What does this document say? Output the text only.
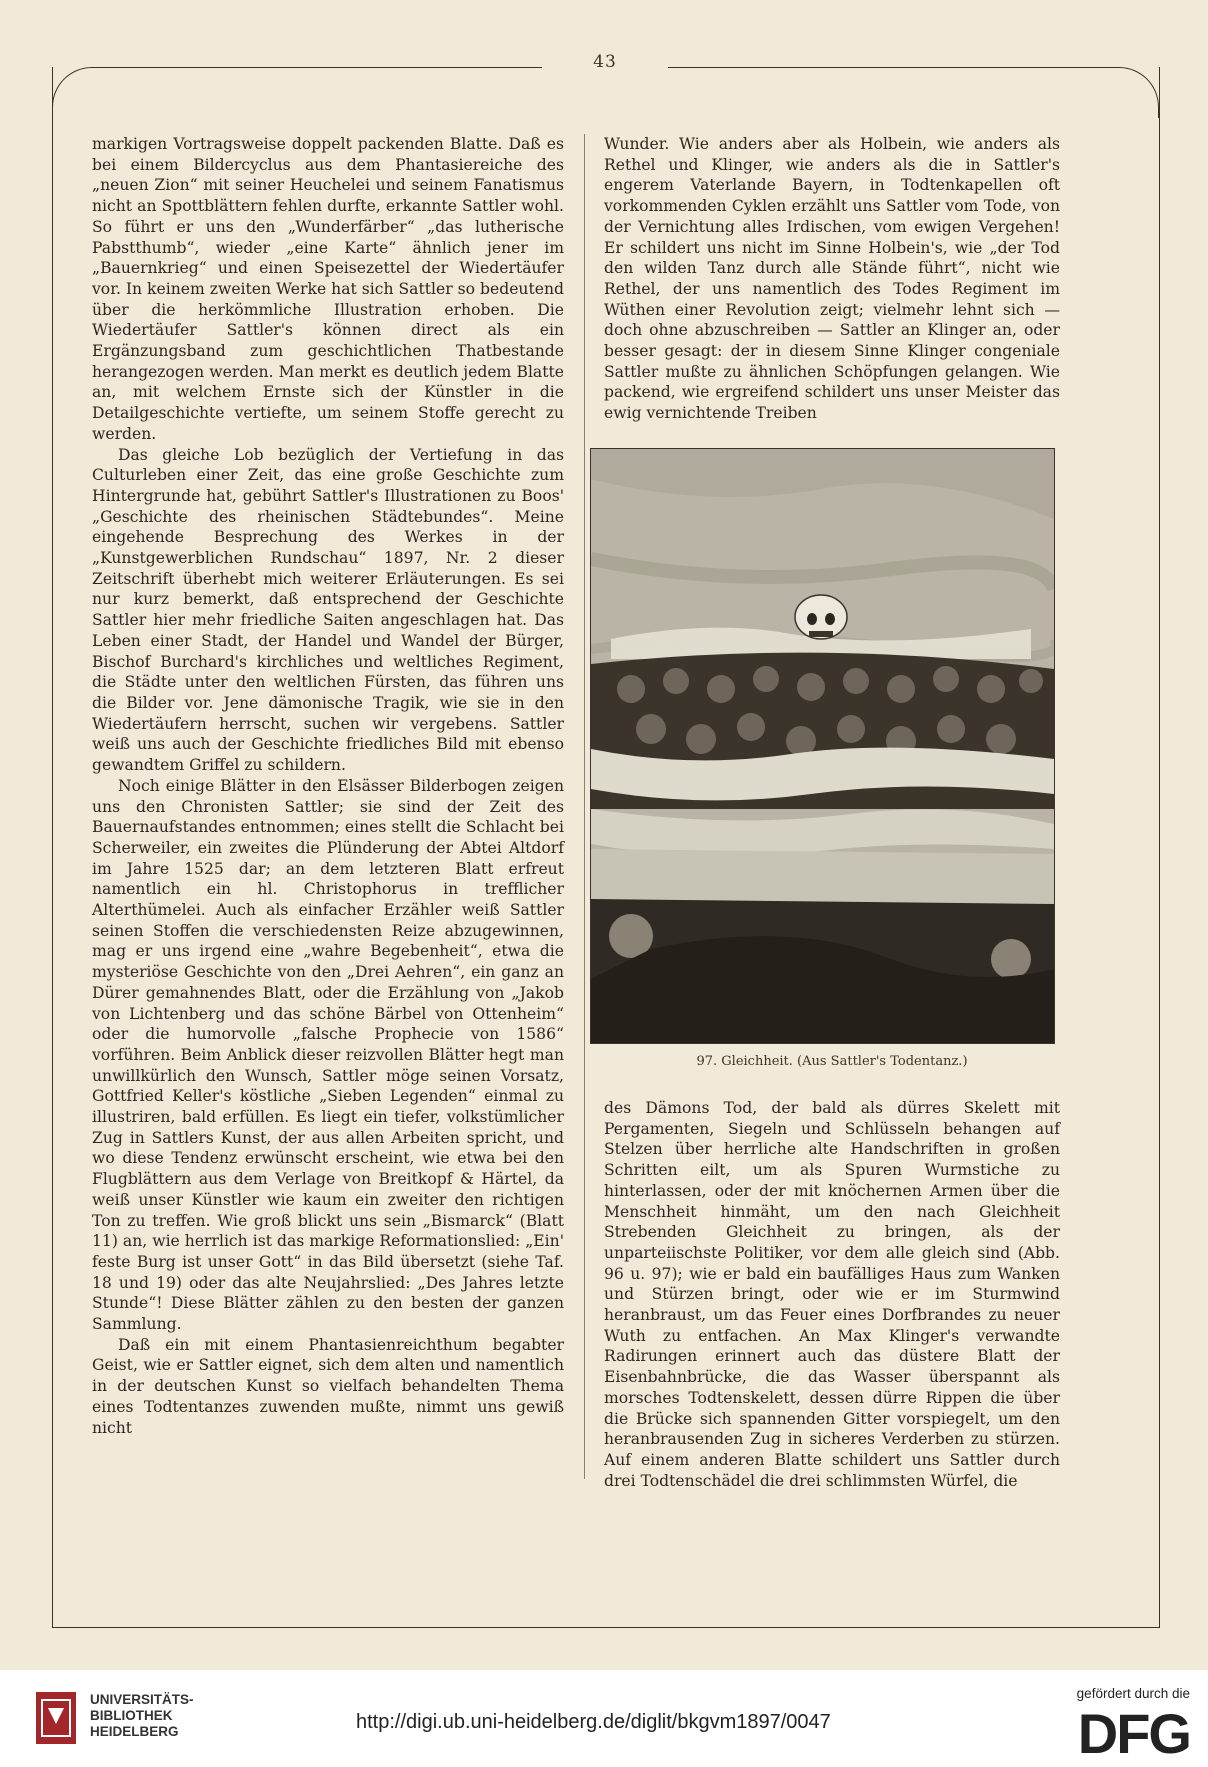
43

markigen Vortragsweise doppelt packenden Blatte. Daß es bei einem Bildercyclus aus dem Phantasiereiche des „neuen Zion“ mit seiner Heuchelei und seinem Fanatismus nicht an Spottblättern fehlen durfte, erkannte Sattler wohl. So führt er uns den „Wunderfärber“ „das lutherische Pabstthumb“, wieder „eine Karte“ ähnlich jener im „Bauernkrieg“ und einen Speisezettel der Wiedertäufer vor. In keinem zweiten Werke hat sich Sattler so bedeutend über die herkömmliche Illustration erhoben. Die Wiedertäufer Sattler's können direct als ein Ergänzungsband zum geschichtlichen Thatbestande herangezogen werden. Man merkt es deutlich jedem Blatte an, mit welchem Ernste sich der Künstler in die Detailgeschichte vertiefte, um seinem Stoffe gerecht zu werden.

Das gleiche Lob bezüglich der Vertiefung in das Culturleben einer Zeit, das eine große Geschichte zum Hintergrunde hat, gebührt Sattler's Illustrationen zu Boos' „Geschichte des rheinischen Städtebundes“. Meine eingehende Besprechung des Werkes in der „Kunstgewerblichen Rundschau“ 1897, Nr. 2 dieser Zeitschrift überhebt mich weiterer Erläuterungen. Es sei nur kurz bemerkt, daß entsprechend der Geschichte Sattler hier mehr friedliche Saiten angeschlagen hat. Das Leben einer Stadt, der Handel und Wandel der Bürger, Bischof Burchard's kirchliches und weltliches Regiment, die Städte unter den weltlichen Fürsten, das führen uns die Bilder vor. Jene dämonische Tragik, wie sie in den Wiedertäufern herrscht, suchen wir vergebens. Sattler weiß uns auch der Geschichte friedliches Bild mit ebenso gewandtem Griffel zu schildern.

Noch einige Blätter in den Elsässer Bilderbogen zeigen uns den Chronisten Sattler; sie sind der Zeit des Bauernaufstandes entnommen; eines stellt die Schlacht bei Scherweiler, ein zweites die Plünderung der Abtei Altdorf im Jahre 1525 dar; an dem letzteren Blatt erfreut namentlich ein hl. Christophorus in trefflicher Alterthümelei. Auch als einfacher Erzähler weiß Sattler seinen Stoffen die verschiedensten Reize abzugewinnen, mag er uns irgend eine „wahre Begebenheit“, etwa die mysteriöse Geschichte von den „Drei Aehren“, ein ganz an Dürer gemahnendes Blatt, oder die Erzählung von „Jakob von Lichtenberg und das schöne Bärbel von Ottenheim“ oder die humorvolle „falsche Prophecie von 1586“ vorführen. Beim Anblick dieser reizvollen Blätter hegt man unwillkürlich den Wunsch, Sattler möge seinen Vorsatz, Gottfried Keller's köstliche „Sieben Legenden“ einmal zu illustriren, bald erfüllen. Es liegt ein tiefer, volkstümlicher Zug in Sattlers Kunst, der aus allen Arbeiten spricht, und wo diese Tendenz erwünscht erscheint, wie etwa bei den Flugblättern aus dem Verlage von Breitkopf & Härtel, da weiß unser Künstler wie kaum ein zweiter den richtigen Ton zu treffen. Wie groß blickt uns sein „Bismarck“ (Blatt 11) an, wie herrlich ist das markige Reformationslied: „Ein' feste Burg ist unser Gott“ in das Bild übersetzt (siehe Taf. 18 und 19) oder das alte Neujahrslied: „Des Jahres letzte Stunde“! Diese Blätter zählen zu den besten der ganzen Sammlung.

Daß ein mit einem Phantasienreichthum begabter Geist, wie er Sattler eignet, sich dem alten und namentlich in der deutschen Kunst so vielfach behandelten Thema eines Todtentanzes zuwenden mußte, nimmt uns gewiß nicht

Wunder. Wie anders aber als Holbein, wie anders als Rethel und Klinger, wie anders als die in Sattler's engerem Vaterlande Bayern, in Todtenkapellen oft vorkommenden Cyklen erzählt uns Sattler vom Tode, von der Vernichtung alles Irdischen, vom ewigen Vergehen! Er schildert uns nicht im Sinne Holbein's, wie „der Tod den wilden Tanz durch alle Stände führt“, nicht wie Rethel, der uns namentlich des Todes Regiment im Wüthen einer Revolution zeigt; vielmehr lehnt sich — doch ohne abzuschreiben — Sattler an Klinger an, oder besser gesagt: der in diesem Sinne Klinger congeniale Sattler mußte zu ähnlichen Schöpfungen gelangen. Wie packend, wie ergreifend schildert uns unser Meister das ewig vernichtende Treiben

97. Gleichheit. (Aus Sattler's Todentanz.)

des Dämons Tod, der bald als dürres Skelett mit Pergamenten, Siegeln und Schlüsseln behangen auf Stelzen über herrliche alte Handschriften in großen Schritten eilt, um als Spuren Wurmstiche zu hinterlassen, oder der mit knöchernen Armen über die Menschheit hinmäht, um den nach Gleichheit Strebenden Gleichheit zu bringen, als der unparteiischste Politiker, vor dem alle gleich sind (Abb. 96 u. 97); wie er bald ein baufälliges Haus zum Wanken und Stürzen bringt, oder wie er im Sturmwind heranbraust, um das Feuer eines Dorfbrandes zu neuer Wuth zu entfachen. An Max Klinger's verwandte Radirungen erinnert auch das düstere Blatt der Eisenbahnbrücke, die das Wasser überspannt als morsches Todtenskelett, dessen dürre Rippen die über die Brücke sich spannenden Gitter vorspiegelt, um den heranbrausenden Zug in sicheres Verderben zu stürzen. Auf einem anderen Blatte schildert uns Sattler durch drei Todtenschädel die drei schlimmsten Würfel, die

UNIVERSITÄTS-
BIBLIOTHEK
HEIDELBERG	http://digi.ub.uni-heidelberg.de/diglit/bkgvm1897/0047
gefördert durch die
DFG
